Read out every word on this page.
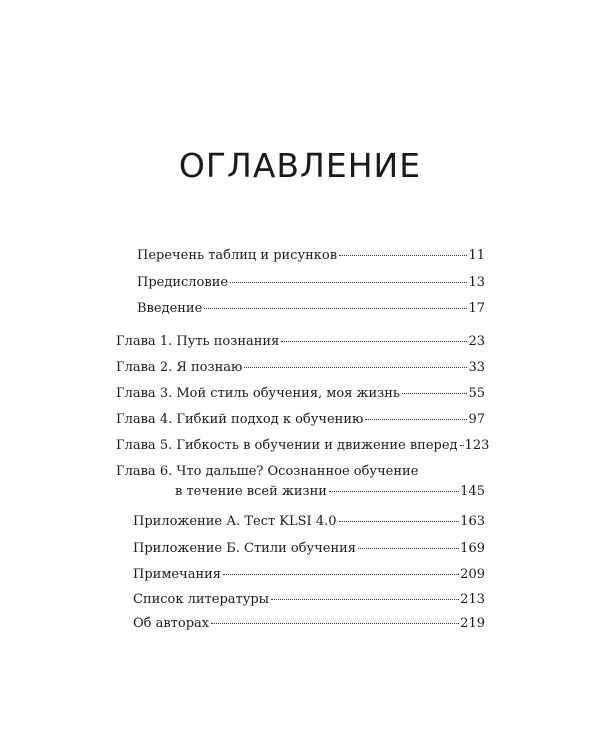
ОГЛАВЛЕНИЕ
Перечень таблиц и рисунков	11
Предисловие	13
Введение	17
Глава 1. Путь познания	23
Глава 2. Я познаю	33
Глава 3. Мой стиль обучения, моя жизнь	55
Глава 4. Гибкий подход к обучению	97
Глава 5. Гибкость в обучении и движение вперед 123
Глава 6. Что дальше? Осознанное обучение
в течение всей жизни	145
Приложение А. Тест KLSI 4.0	163
Приложение Б. Стили обучения	169
Примечания	209
Список литературы	213
Об авторах	219
